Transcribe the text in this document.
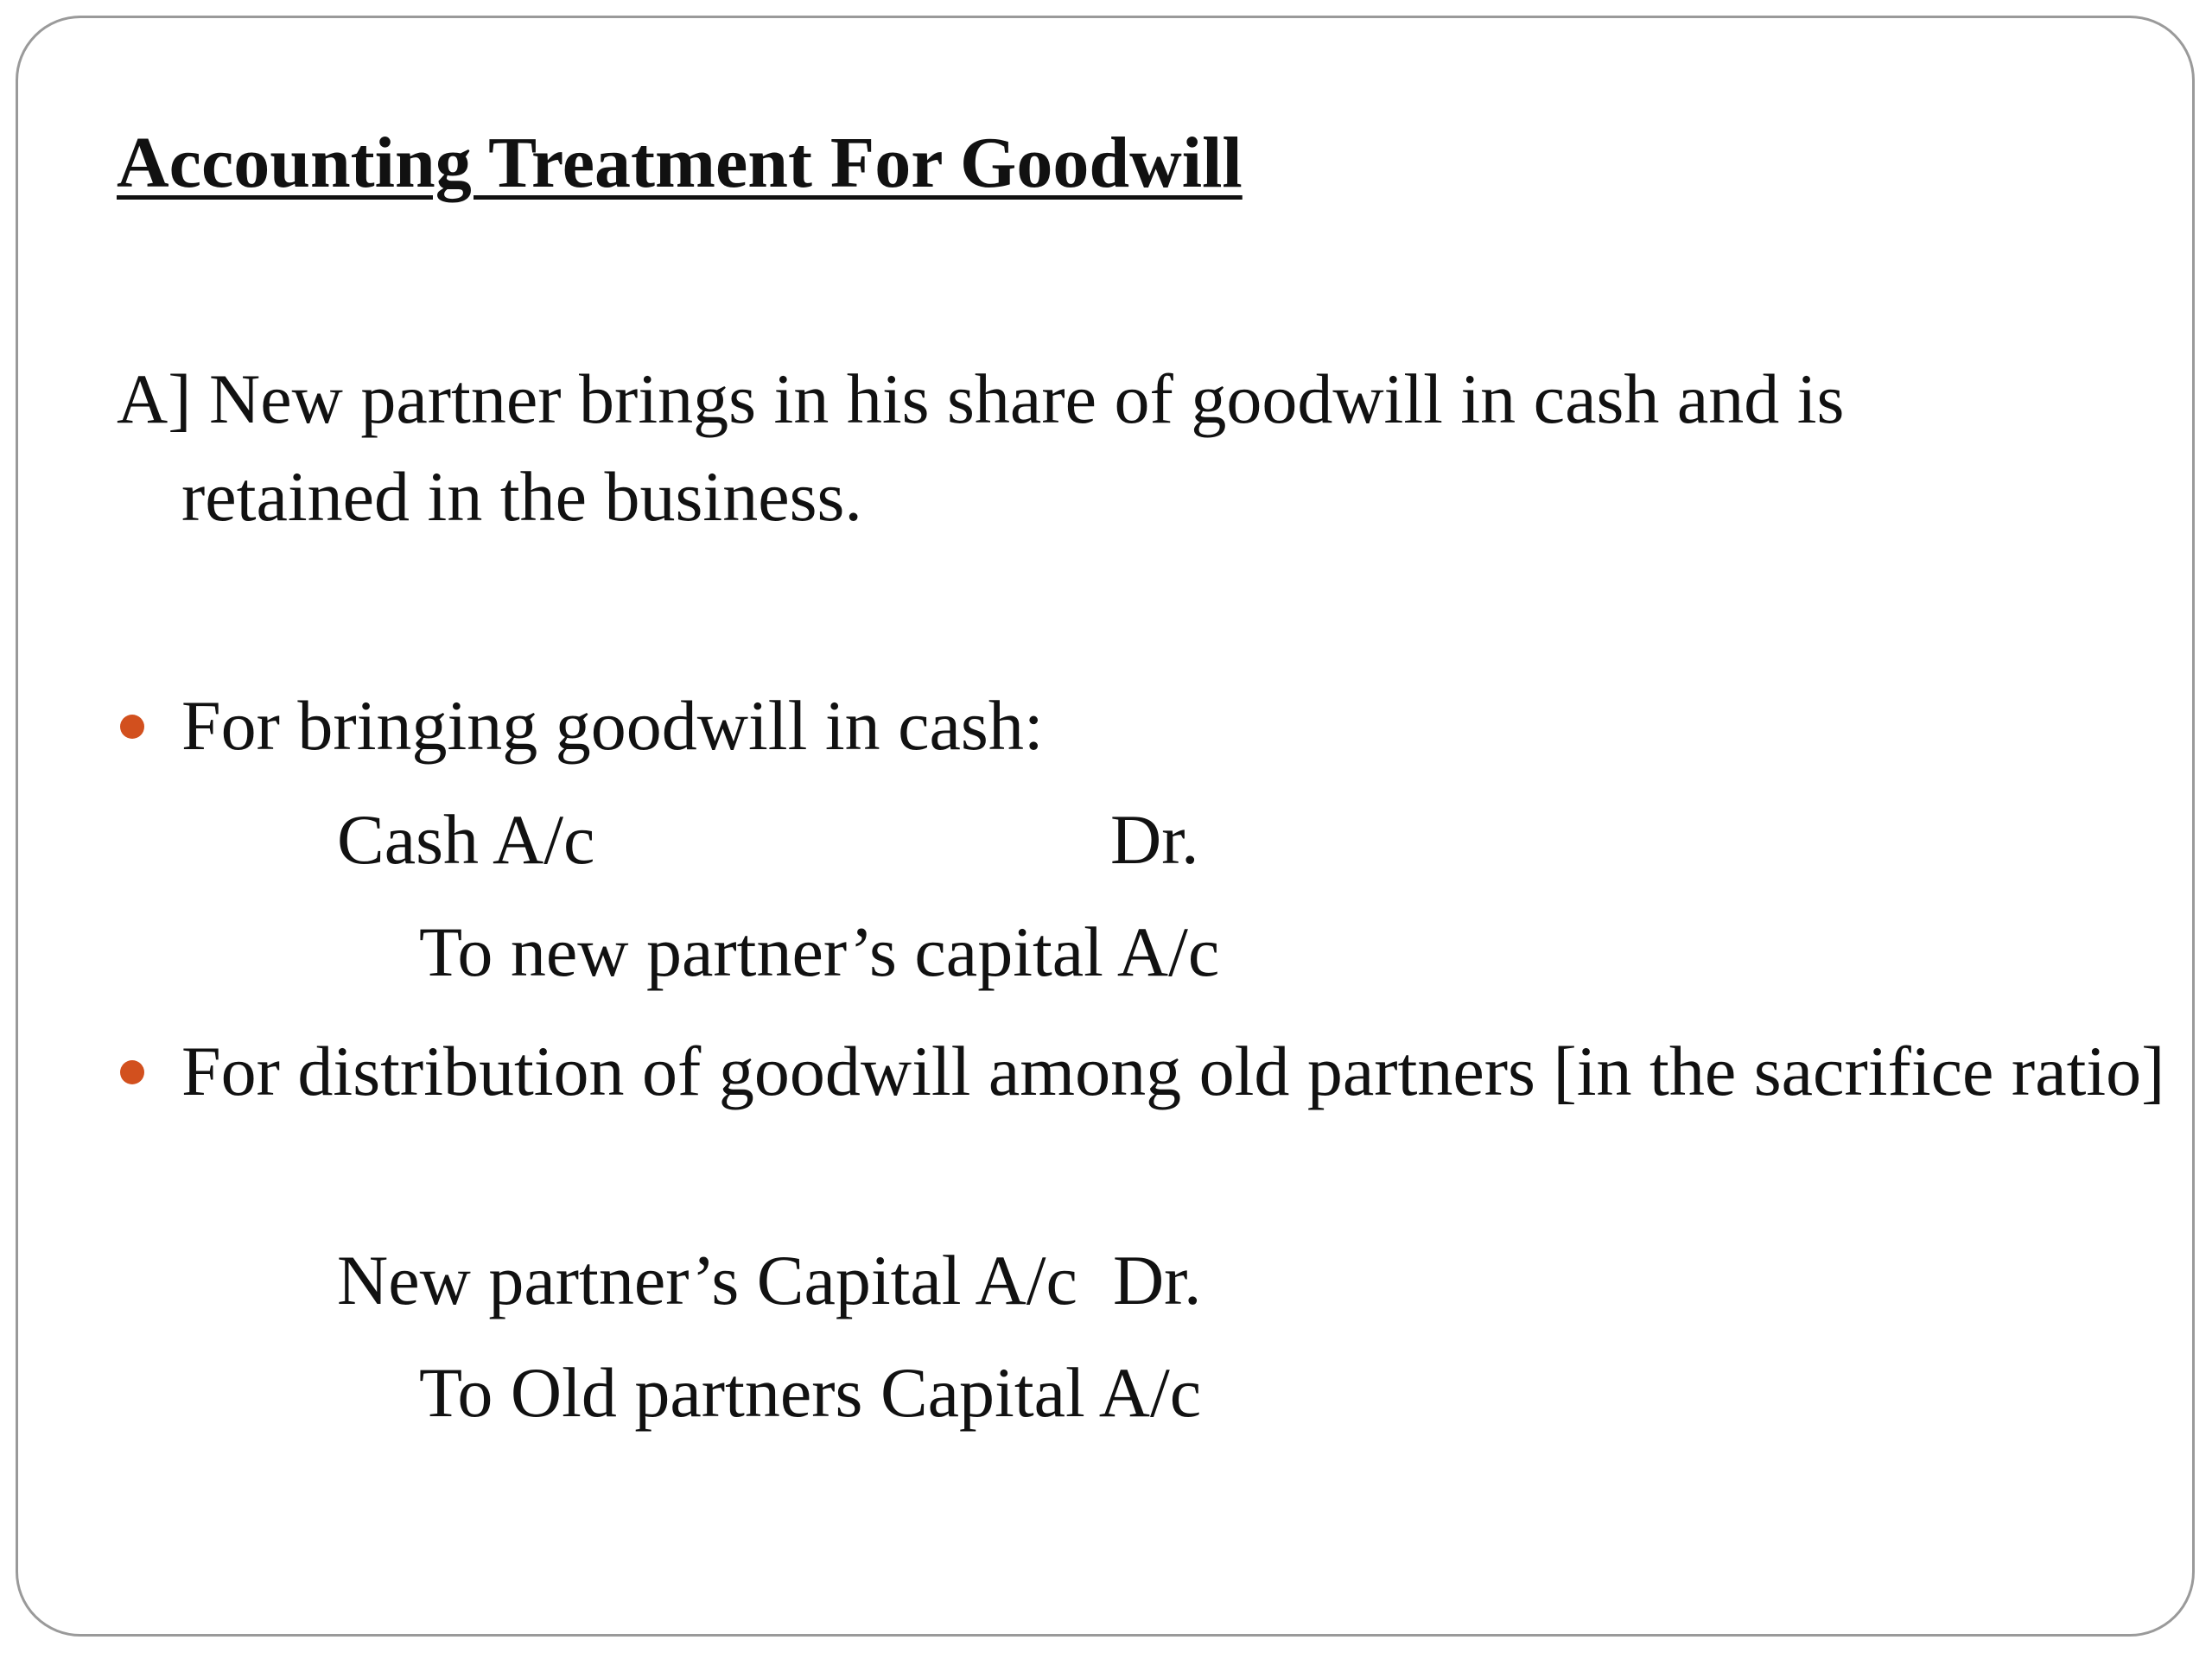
Accounting Treatment For Goodwill
A] New partner brings in his share of goodwill in cash and is retained in the business.
For bringing goodwill in cash:
Cash A/c	Dr.
To new partner’s capital A/c
For distribution of goodwill among old partners [in the sacrifice ratio]
New partner’s Capital A/c  Dr.
To Old partners Capital A/c
